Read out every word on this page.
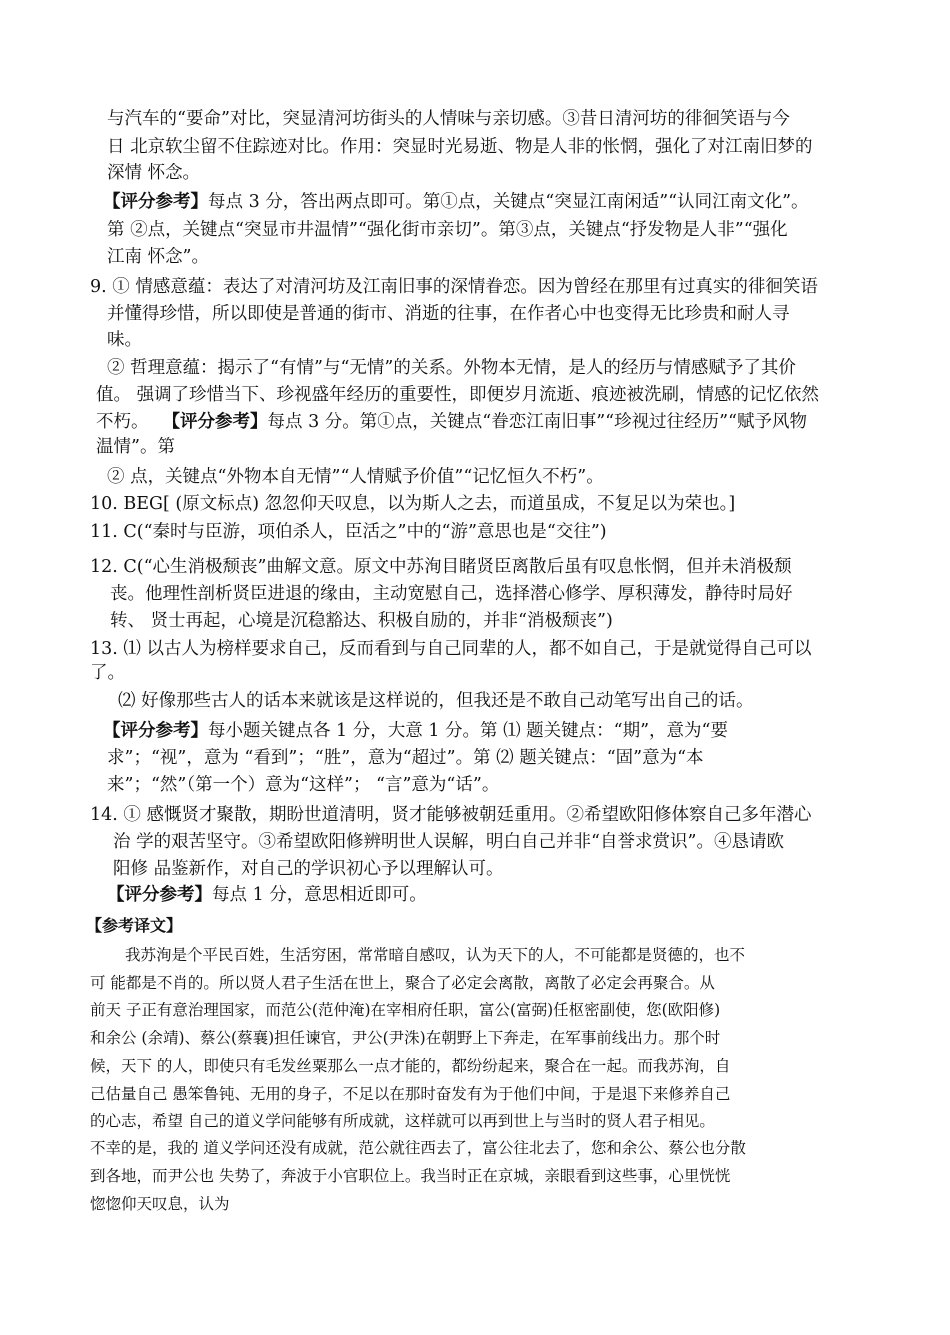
与汽车的“要命”对比，突显清河坊街头的人情味与亲切感。③昔日清河坊的徘徊笑语与今
日 北京软尘留不住踪迹对比。作用：突显时光易逝、物是人非的怅惘，强化了对江南旧梦的
深情 怀念。
【评分参考】每点 3 分，答出两点即可。第①点，关键点“突显江南闲适”“认同江南文化”。
第 ②点，关键点“突显市井温情”“强化街市亲切”。第③点，关键点“抒发物是人非”“强化
江南 怀念”。
9. ① 情感意蕴：表达了对清河坊及江南旧事的深情眷恋。因为曾经在那里有过真实的徘徊笑语
并懂得珍惜，所以即使是普通的街市、消逝的往事，在作者心中也变得无比珍贵和耐人寻
味。
② 哲理意蕴：揭示了“有情”与“无情”的关系。外物本无情，是人的经历与情感赋予了其价
值。 强调了珍惜当下、珍视盛年经历的重要性，即便岁月流逝、痕迹被洗刷，情感的记忆依然
不朽。 【评分参考】每点 3 分。第①点，关键点“眷恋江南旧事”“珍视过往经历”“赋予风物
温情”。第
② 点，关键点“外物本自无情”“人情赋予价值”“记忆恒久不朽”。
10. BEG[ (原文标点) 忽忽仰天叹息，以为斯人之去，而道虽成，不复足以为荣也。]
11. C(“秦时与臣游，项伯杀人，臣活之”中的“游”意思也是“交往”)
12. C(“心生消极颓丧”曲解文意。原文中苏洵目睹贤臣离散后虽有叹息怅惘，但并未消极颓
丧。他理性剖析贤臣进退的缘由，主动宽慰自己，选择潜心修学、厚积薄发，静待时局好
转、 贤士再起，心境是沉稳豁达、积极自励的，并非“消极颓丧”)
13. ⑴ 以古人为榜样要求自己，反而看到与自己同辈的人，都不如自己，于是就觉得自己可以
了。
⑵ 好像那些古人的话本来就该是这样说的，但我还是不敢自己动笔写出自己的话。
【评分参考】每小题关键点各 1 分，大意 1 分。第 ⑴ 题关键点：“期”，意为“要
求”；“视”，意为 “看到”；“胜”，意为“超过”。第 ⑵ 题关键点：“固”意为“本
来”；“然”（第一个）意为“这样”； “言”意为“话”。
14. ① 感慨贤才聚散，期盼世道清明，贤才能够被朝廷重用。②希望欧阳修体察自己多年潜心
治 学的艰苦坚守。③希望欧阳修辨明世人误解，明白自己并非“自誉求赏识”。④恳请欧
阳修 品鉴新作，对自己的学识初心予以理解认可。
【评分参考】每点 1 分，意思相近即可。
【参考译文】
我苏洵是个平民百姓，生活穷困，常常暗自感叹，认为天下的人，不可能都是贤德的，也不
可 能都是不肖的。所以贤人君子生活在世上，聚合了必定会离散，离散了必定会再聚合。从
前天 子正有意治理国家，而范公(范仲淹)在宰相府任职，富公(富弼)任枢密副使，您(欧阳修)
和余公 (余靖)、蔡公(蔡襄)担任谏官，尹公(尹洙)在朝野上下奔走，在军事前线出力。那个时
候，天下 的人，即使只有毛发丝粟那么一点才能的，都纷纷起来，聚合在一起。而我苏洵，自
己估量自己 愚笨鲁钝、无用的身子，不足以在那时奋发有为于他们中间，于是退下来修养自己
的心志，希望 自己的道义学问能够有所成就，这样就可以再到世上与当时的贤人君子相见。
不幸的是，我的 道义学问还没有成就，范公就往西去了，富公往北去了，您和余公、蔡公也分散
到各地，而尹公也 失势了，奔波于小官职位上。我当时正在京城，亲眼看到这些事，心里恍恍
惚惚仰天叹息，认为
